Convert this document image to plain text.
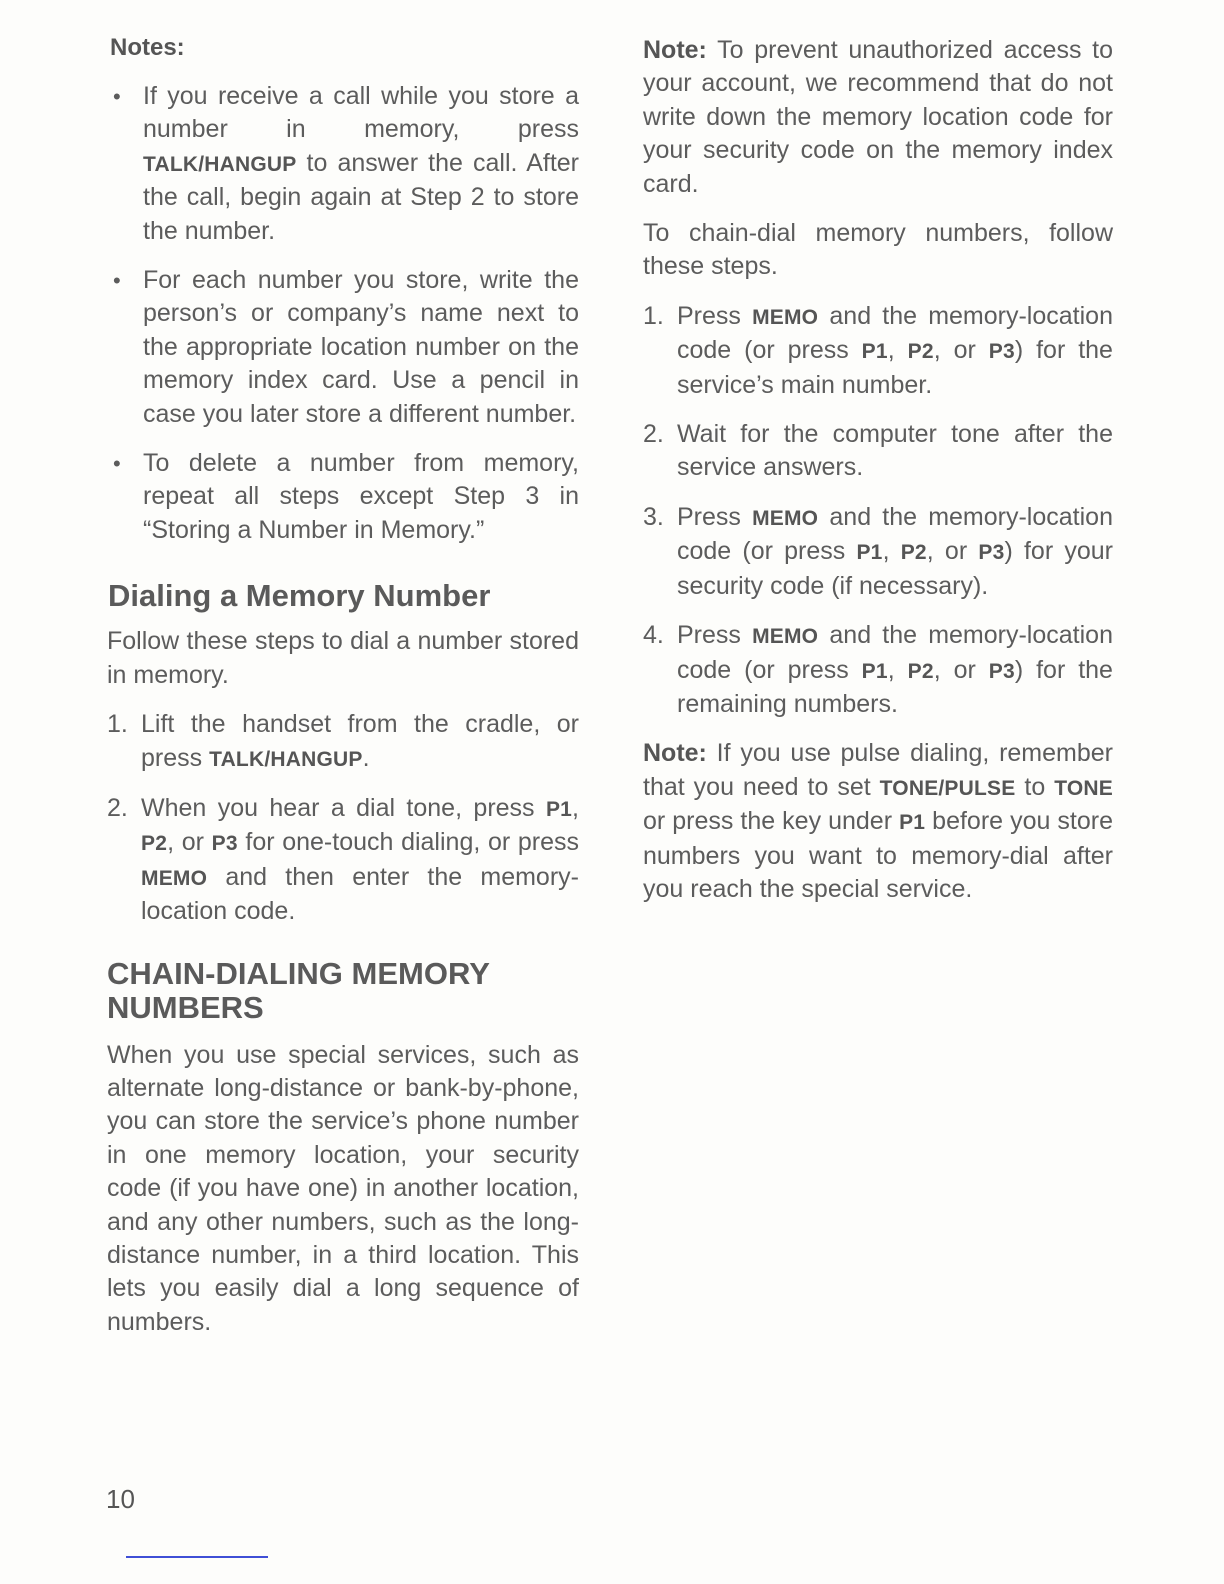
Notes:

• If you receive a call while you store a number in memory, press TALK/HANGUP to answer the call. After the call, begin again at Step 2 to store the number.
• For each number you store, write the person’s or company’s name next to the appropriate location number on the memory index card. Use a pencil in case you later store a different number.
• To delete a number from memory, repeat all steps except Step 3 in “Storing a Number in Memory.”
Dialing a Memory Number

Follow these steps to dial a number stored in memory.

1. Lift the handset from the cradle, or press TALK/HANGUP.
2. When you hear a dial tone, press P1, P2, or P3 for one-touch dialing, or press MEMO and then enter the memory-location code.
CHAIN-DIALING MEMORY NUMBERS

When you use special services, such as alternate long-distance or bank-by-phone, you can store the service’s phone number in one memory location, your security code (if you have one) in another location, and any other numbers, such as the long-distance number, in a third location. This lets you easily dial a long sequence of numbers.

Note: To prevent unauthorized access to your account, we recommend that do not write down the memory location code for your security code on the memory index card.

To chain-dial memory numbers, follow these steps.

1. Press MEMO and the memory-location code (or press P1, P2, or P3) for the service’s main number.
2. Wait for the computer tone after the service answers.
3. Press MEMO and the memory-location code (or press P1, P2, or P3) for your security code (if necessary).
4. Press MEMO and the memory-location code (or press P1, P2, or P3) for the remaining numbers.

Note: If you use pulse dialing, remember that you need to set TONE/PULSE to TONE or press the key under P1 before you store numbers you want to memory-dial after you reach the special service.

10
